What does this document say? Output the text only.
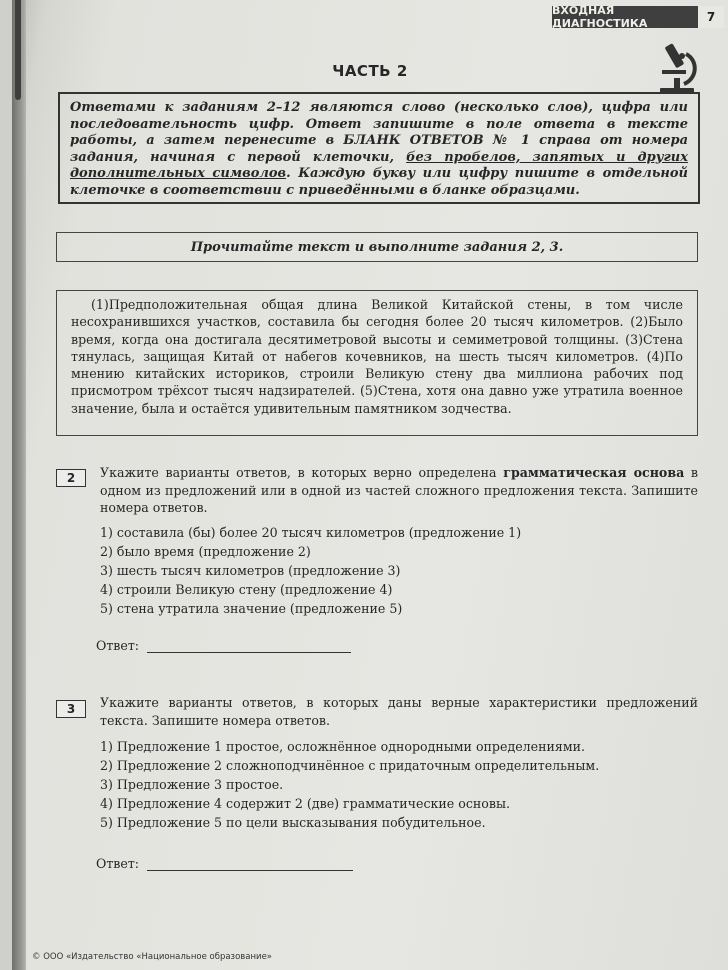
ВХОДНАЯ ДИАГНОСТИКА	7
ЧАСТЬ 2
Ответами к заданиям 2–12 являются слово (несколько слов), цифра или последовательность цифр. Ответ запишите в поле ответа в тексте работы, а затем перенесите в БЛАНК ОТВЕТОВ № 1 справа от номера задания, начиная с первой клеточки, без пробелов, запятых и других дополнительных символов. Каждую букву или цифру пишите в отдельной клеточке в соответствии с приведёнными в бланке образцами.
Прочитайте текст и выполните задания 2, 3.
(1)Предположительная общая длина Великой Китайской стены, в том числе несохранившихся участков, составила бы сегодня более 20 тысяч километров. (2)Было время, когда она достигала десятиметровой высоты и семиметровой толщины. (3)Стена тянулась, защищая Китай от набегов кочевников, на шесть тысяч километров. (4)По мнению китайских историков, строили Великую стену два миллиона рабочих под присмотром трёхсот тысяч надзирателей. (5)Стена, хотя она давно уже утратила военное значение, была и остаётся удивительным памятником зодчества.
2	Укажите варианты ответов, в которых верно определена грамматическая основа в одном из предложений или в одной из частей сложного предложения текста. Запишите номера ответов.
1) составила (бы) более 20 тысяч километров (предложение 1)
2) было время (предложение 2)
3) шесть тысяч километров (предложение 3)
4) строили Великую стену (предложение 4)
5) стена утратила значение (предложение 5)
Ответ:
3	Укажите варианты ответов, в которых даны верные характеристики предложений текста. Запишите номера ответов.
1) Предложение 1 простое, осложнённое однородными определениями.
2) Предложение 2 сложноподчинённое с придаточным определительным.
3) Предложение 3 простое.
4) Предложение 4 содержит 2 (две) грамматические основы.
5) Предложение 5 по цели высказывания побудительное.
Ответ:
© ООО «Издательство «Национальное образование»
